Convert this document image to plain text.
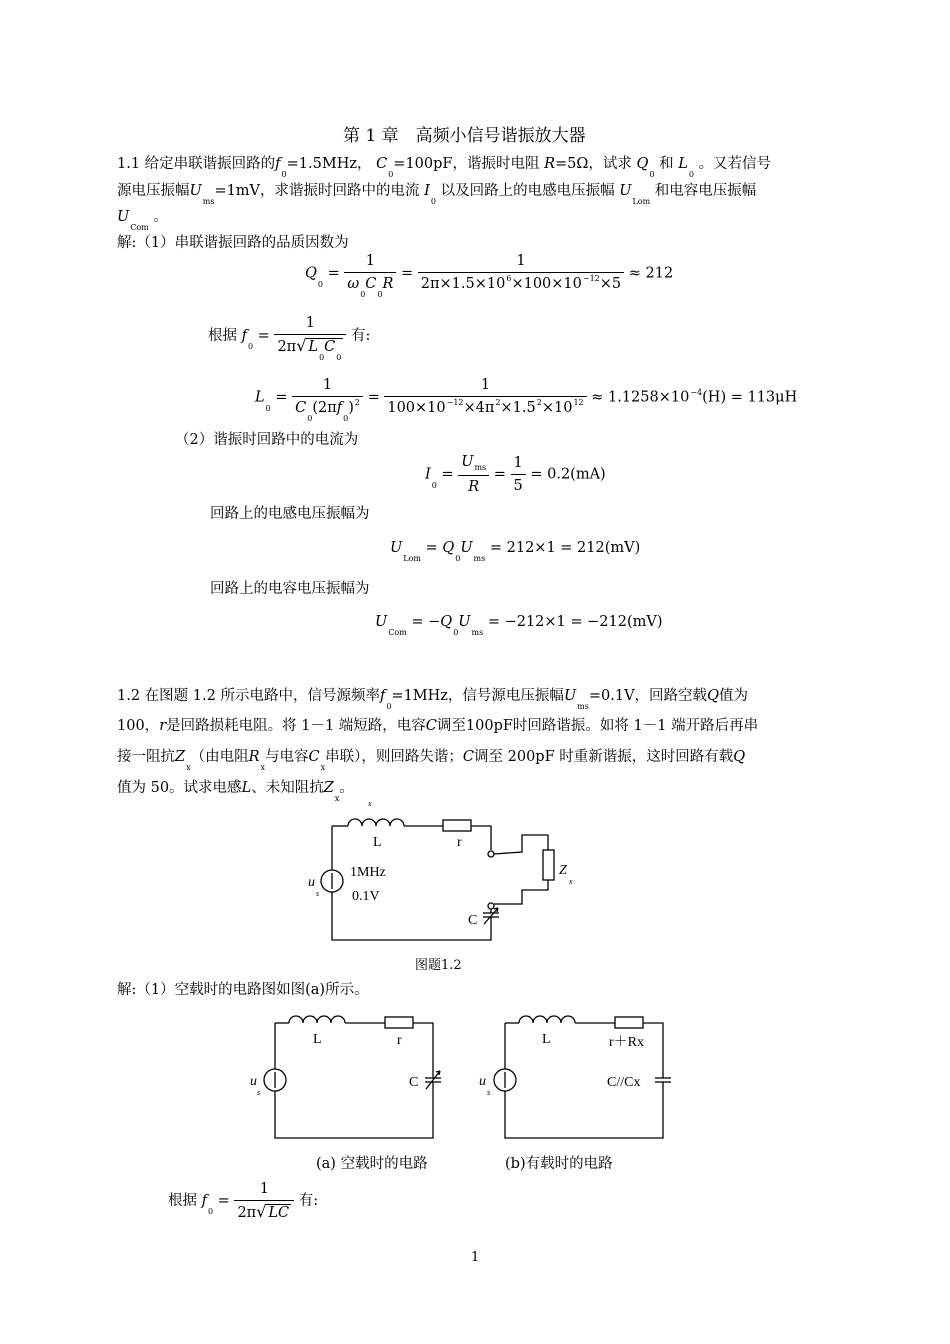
第 1 章　高频小信号谐振放大器
1.1 给定串联谐振回路的$f_0=1.5MHz$， $C_0=100pF$，谐振时电阻 R=5Ω，试求 $Q_0$ 和 $L_0$ 。又若信号
源电压振幅$U_{ms}=1mV$，求谐振时回路中的电流 $I_0$ 以及回路上的电感电压振幅 $U_{Lom}$ 和电容电压振幅
$U_{Com}$ 。
解:（1）串联谐振回路的品质因数为
$Q_0 = \frac{1}{\omega_0C_0R} = \frac{1}{2\pi\times 1.5\times 10^6\times 100\times 10^{-12}\times 5} \approx 212$
根据 $f_0 = \frac{1}{2\pi√ L_0C_0}$ 有:
$L_0 = \frac{1}{C_0(2\pi f_0)^2} = \frac{1}{100\times 10^{-12}\times 4\pi^2\times 1.5^2\times 10^{12}} \approx 1.1258\times 10^{-4}(H) = 113\mu H$
（2）谐振时回路中的电流为
$I_0 = \frac{U_{ms}}{R} = \frac{1}{5} = 0.2(mA)$
回路上的电感电压振幅为
$U_{Lom} = Q_0U_{ms} = 212\times 1 = 212(mV)$
回路上的电容电压振幅为
$U_{Com} = -Q_0U_{ms} = -212\times 1 = -212(mV)$
1.2 在图题 1.2 所示电路中，信号源频率$f_0=1MHz$，信号源电压振幅$U_{ms}=0.1V$，回路空载Q值为
100，r是回路损耗电阻。将 1－1 端短路，电容C调至100pF时回路谐振。如将 1－1 端开路后再串
接一阻抗$Z_x$（由电阻$R_x$与电容$C_x$串联），则回路失谐；C调至 200pF 时重新谐振，这时回路有载Q
值为 50。试求电感L、未知阻抗$Z_x$。
L	r
1MHz
0.1V
C
Z
x
u
s
x
图题1.2
解:（1）空载时的电路图如图(a)所示。
L	r
C
u
s
L	r＋Rx
C//Cx
u
s
(a) 空载时的电路	(b)有载时的电路
根据 $f_0 = \frac{1}{2\pi√ LC}$ 有:
1
